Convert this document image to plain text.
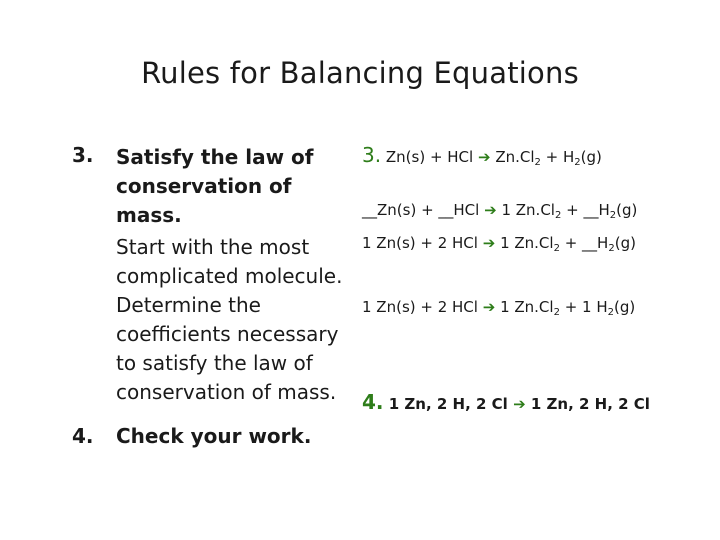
Rules for Balancing Equations
3. Satisfy the law of
conservation of mass.
Start with the most
complicated molecule.
Determine the
coefficients necessary
to satisfy the law of
conservation of mass.
4. Check your work.
3. Zn(s) + HCl ➔ $Zn.Cl_2 + H_2(g)$
__Zn(s) + __HCl ➔ 1 $Zn.Cl_2$ + $\_\_H_2(g)$
1 Zn(s) + 2 HCl ➔ 1 $Zn.Cl_2$ + $\_\_H_2(g)$
1 Zn(s) + 2 HCl ➔ 1 $Zn.Cl_2 + 1$ $H_2(g)$
4. 1 Zn, 2 H, 2 Cl ➔ 1 Zn, 2 H, 2 Cl
